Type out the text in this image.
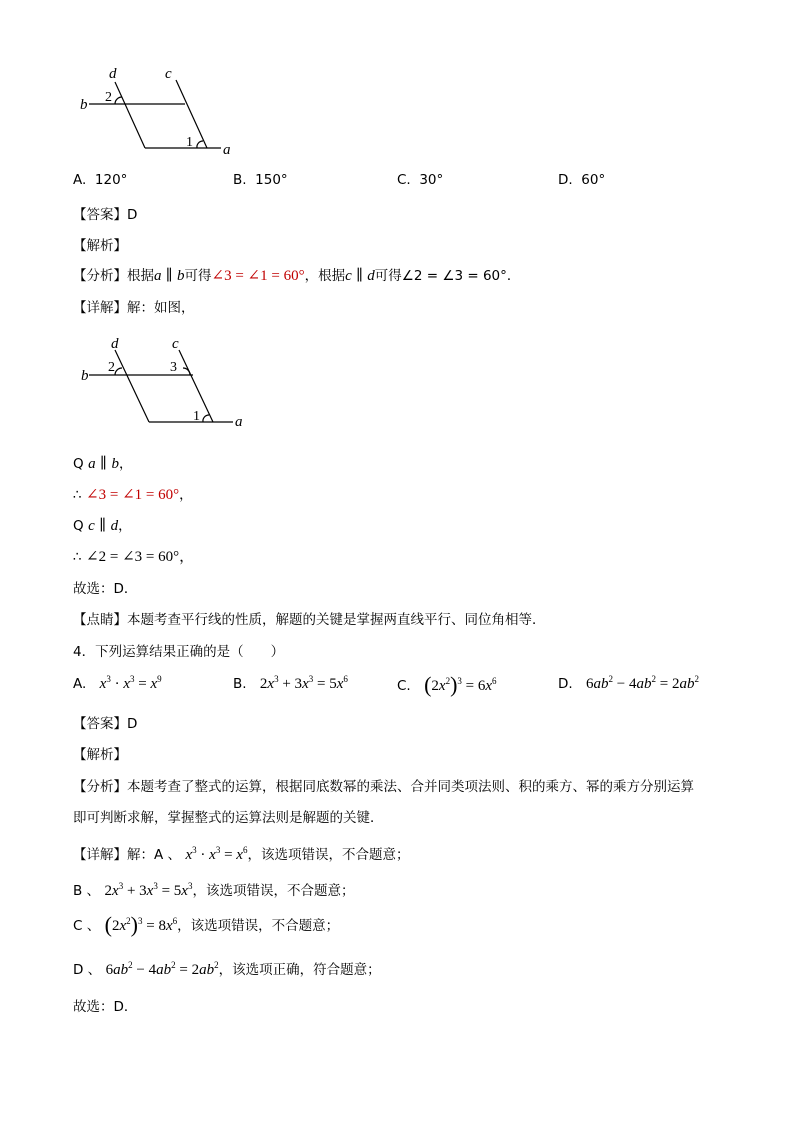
d	c
b
a
2
1
A. 120°	B. 150°	C. 30°	D. 60°
【答案】D
【解析】
【分析】根据a ∥ b可得∠3 = ∠1 = 60°，根据c ∥ d可得∠2 = ∠3 = 60°．
【详解】解：如图，
d	c
b
a
2	3
1
Q a ∥ b，
∴ ∠3 = ∠1 = 60°，
Q c ∥ d，
∴ ∠2 = ∠3 = 60°，
故选：D．
【点睛】本题考查平行线的性质，解题的关键是掌握两直线平行、同位角相等．
4．下列运算结果正确的是（　　）
A. $x^3 \cdot x^3 = x^9$	B. $2x^3 + 3x^3 = 5x^6$	C. $(2x^2)^3 = 6x^6$	D. $6ab^2 - 4ab^2 = 2ab^2$
【答案】D
【解析】
【分析】本题考查了整式的运算，根据同底数幂的乘法、合并同类项法则、积的乘方、幂的乘方分别运算
即可判断求解，掌握整式的运算法则是解题的关键．
【详解】解：A 、 $x^3 \cdot x^3 = x^6$，该选项错误，不合题意；
B 、 $2x^3 + 3x^3 = 5x^3$，该选项错误，不合题意；
C 、 $(2x^2)^3 = 8x^6$，该选项错误，不合题意；
D 、 $6ab^2 - 4ab^2 = 2ab^2$，该选项正确，符合题意；
故选：D．
